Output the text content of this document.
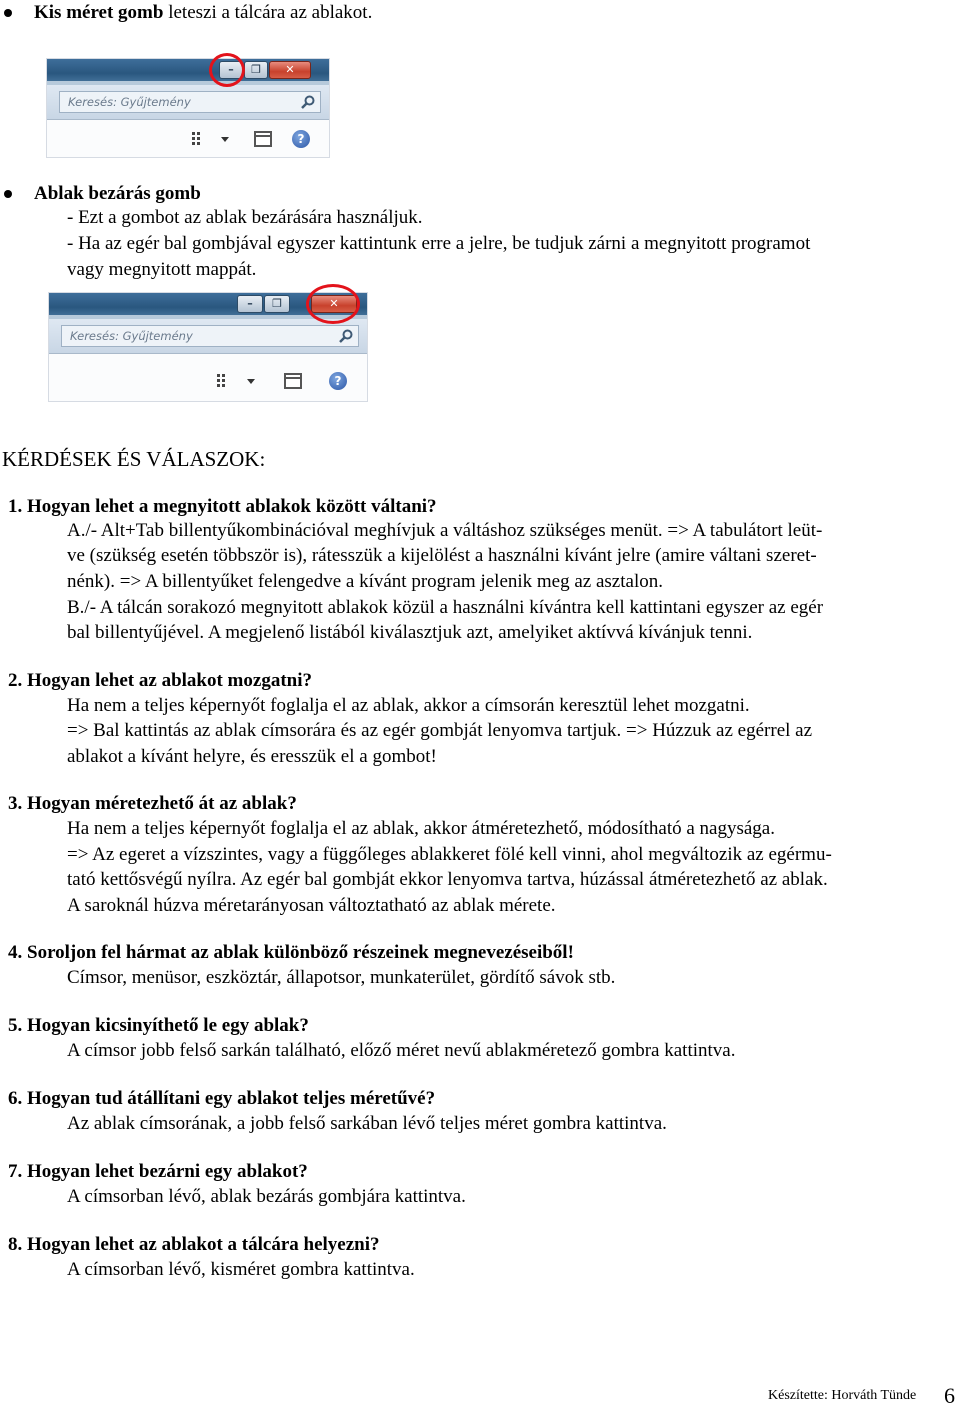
Kis méret gomb leteszi a tálcára az ablakot.
–	❐	✕
Keresés: Gyűjtemény
?
Ablak bezárás gomb
- Ezt a gombot az ablak bezárására használjuk.
- Ha az egér bal gombjával egyszer kattintunk erre a jelre, be tudjuk zárni a megnyitott programot
vagy megnyitott mappát.
–	❐	✕
Keresés: Gyűjtemény
?
KÉRDÉSEK ÉS VÁLASZOK:
1. Hogyan lehet a megnyitott ablakok között váltani?
A./- Alt+Tab billentyűkombinációval meghívjuk a váltáshoz szükséges menüt. => A tabulátort leüt-
ve (szükség esetén többször is), rátesszük a kijelölést a használni kívánt jelre (amire váltani szeret-
nénk). => A billentyűket felengedve a kívánt program jelenik meg az asztalon.
B./- A tálcán sorakozó megnyitott ablakok közül a használni kívántra kell kattintani egyszer az egér
bal billentyűjével. A megjelenő listából kiválasztjuk azt, amelyiket aktívvá kívánjuk tenni.
2. Hogyan lehet az ablakot mozgatni?
Ha nem a teljes képernyőt foglalja el az ablak, akkor a címsorán keresztül lehet mozgatni.
=> Bal kattintás az ablak címsorára és az egér gombját lenyomva tartjuk. => Húzzuk az egérrel az
ablakot a kívánt helyre, és eresszük el a gombot!
3. Hogyan méretezhető át az ablak?
Ha nem a teljes képernyőt foglalja el az ablak, akkor átméretezhető, módosítható a nagysága.
=> Az egeret a vízszintes, vagy a függőleges ablakkeret fölé kell vinni, ahol megváltozik az egérmu-
tató kettősvégű nyílra. Az egér bal gombját ekkor lenyomva tartva, húzással átméretezhető az ablak.
A saroknál húzva méretarányosan változtatható az ablak mérete.
4. Soroljon fel hármat az ablak különböző részeinek megnevezéseiből!
Címsor, menüsor, eszköztár, állapotsor, munkaterület, gördítő sávok stb.
5. Hogyan kicsinyíthető le egy ablak?
A címsor jobb felső sarkán található, előző méret nevű ablakméretező gombra kattintva.
6. Hogyan tud átállítani egy ablakot teljes méretűvé?
Az ablak címsorának, a jobb felső sarkában lévő teljes méret gombra kattintva.
7. Hogyan lehet bezárni egy ablakot?
A címsorban lévő, ablak bezárás gombjára kattintva.
8. Hogyan lehet az ablakot a tálcára helyezni?
A címsorban lévő, kisméret gombra kattintva.
Készítette: Horváth Tünde 6
